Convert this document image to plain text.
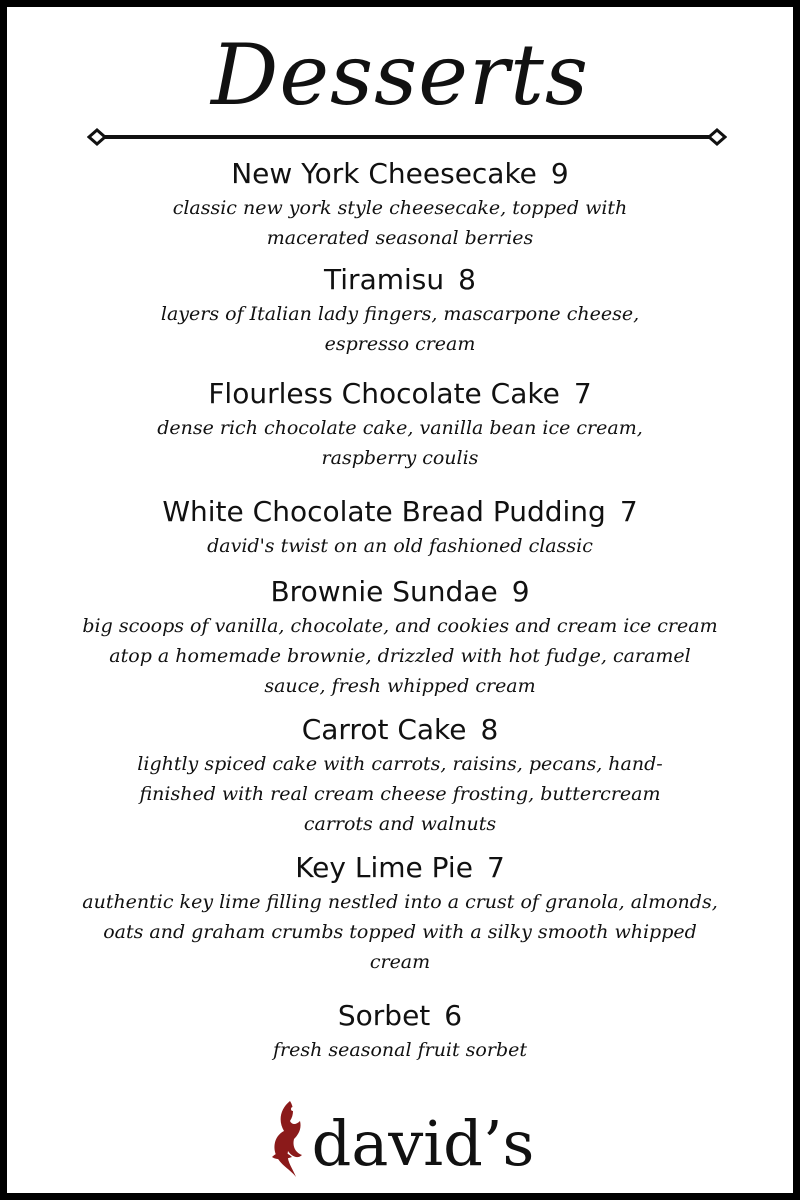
Desserts
New York Cheesecake 9
classic new york style cheesecake, topped with macerated seasonal berries
Tiramisu 8
layers of Italian lady fingers, mascarpone cheese, espresso cream
Flourless Chocolate Cake 7
dense rich chocolate cake, vanilla bean ice cream, raspberry coulis
White Chocolate Bread Pudding 7
david's twist on an old fashioned classic
Brownie Sundae 9
big scoops of vanilla, chocolate, and cookies and cream ice cream atop a homemade brownie, drizzled with hot fudge, caramel sauce, fresh whipped cream
Carrot Cake 8
lightly spiced cake with carrots, raisins, pecans, hand-finished with real cream cheese frosting, buttercream carrots and walnuts
Key Lime Pie 7
authentic key lime filling nestled into a crust of granola, almonds, oats and graham crumbs topped with a silky smooth whipped cream
Sorbet 6
fresh seasonal fruit sorbet
david’s
